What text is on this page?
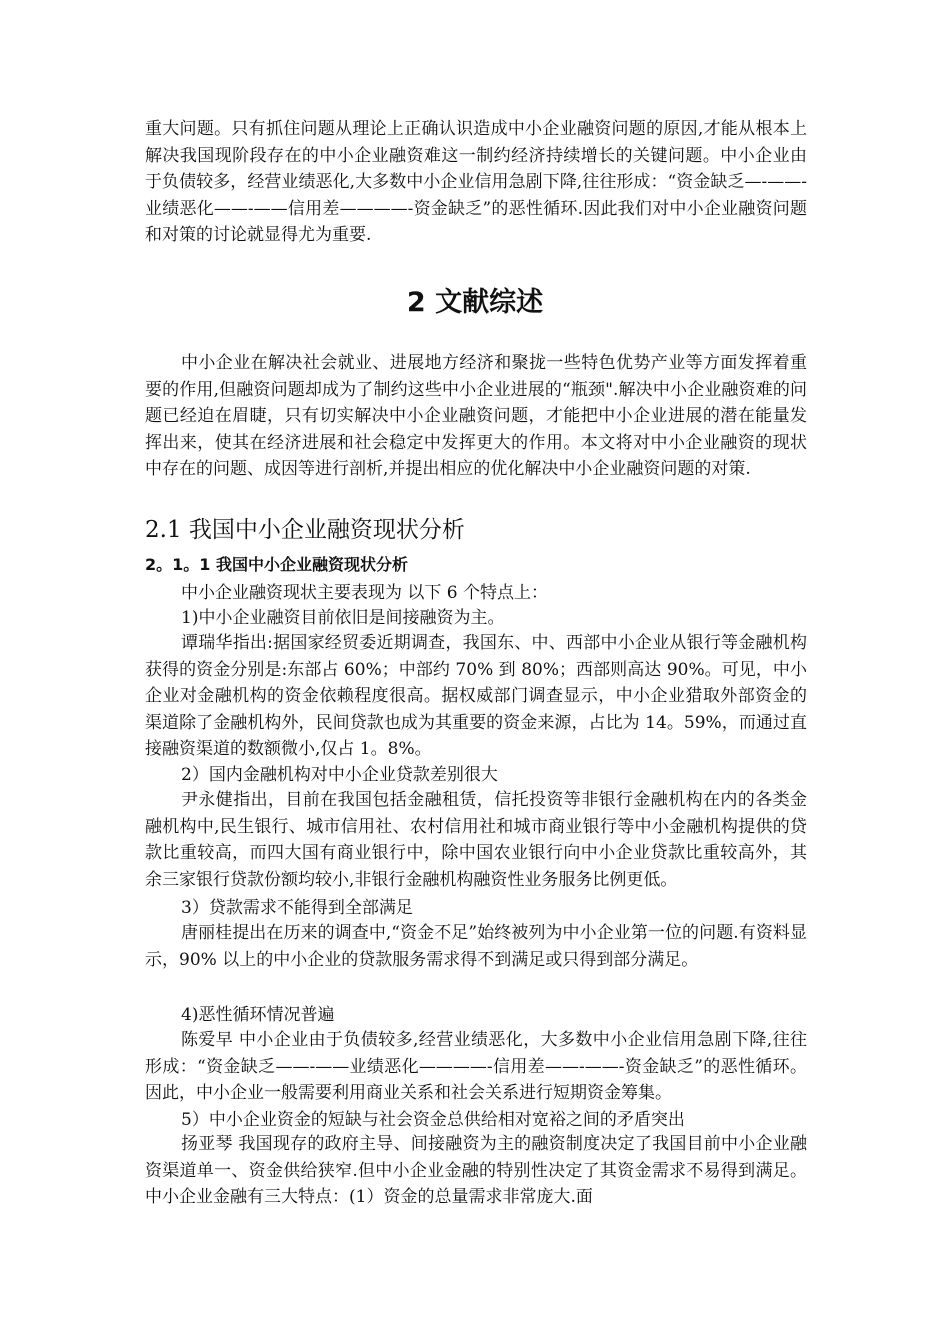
重大问题。只有抓住问题从理论上正确认识造成中小企业融资问题的原因,才能从根本上解决我国现阶段存在的中小企业融资难这一制约经济持续增长的关键问题。中小企业由于负债较多，经营业绩恶化,大多数中小企业信用急剧下降,往往形成：“资金缺乏—-——-业绩恶化——-——信用差————-资金缺乏”的恶性循环.因此我们对中小企业融资问题和对策的讨论就显得尤为重要.

2 文献综述

中小企业在解决社会就业、进展地方经济和聚拢一些特色优势产业等方面发挥着重要的作用,但融资问题却成为了制约这些中小企业进展的“瓶颈".解决中小企业融资难的问题已经迫在眉睫，只有切实解决中小企业融资问题，才能把中小企业进展的潜在能量发挥出来，使其在经济进展和社会稳定中发挥更大的作用。本文将对中小企业融资的现状中存在的问题、成因等进行剖析,并提出相应的优化解决中小企业融资问题的对策.

2.1 我国中小企业融资现状分析
2。1。1 我国中小企业融资现状分析

中小企业融资现状主要表现为 以下 6 个特点上：

1)中小企业融资目前依旧是间接融资为主。

谭瑞华指出:据国家经贸委近期调查，我国东、中、西部中小企业从银行等金融机构获得的资金分别是:东部占 60%；中部约 70% 到 80%；西部则高达 90%。可见，中小企业对金融机构的资金依赖程度很高。据权威部门调查显示，中小企业猎取外部资金的渠道除了金融机构外，民间贷款也成为其重要的资金来源，占比为 14。59%，而通过直接融资渠道的数额微小,仅占 1。8%。

2）国内金融机构对中小企业贷款差别很大

尹永健指出，目前在我国包括金融租赁，信托投资等非银行金融机构在内的各类金融机构中,民生银行、城市信用社、农村信用社和城市商业银行等中小金融机构提供的贷款比重较高，而四大国有商业银行中，除中国农业银行向中小企业贷款比重较高外，其余三家银行贷款份额均较小,非银行金融机构融资性业务服务比例更低。

3）贷款需求不能得到全部满足

唐丽桂提出在历来的调查中,“资金不足”始终被列为中小企业第一位的问题.有资料显示，90% 以上的中小企业的贷款服务需求得不到满足或只得到部分满足。

4)恶性循环情况普遍

陈爱早 中小企业由于负债较多,经营业绩恶化，大多数中小企业信用急剧下降,往往形成：“资金缺乏——-——业绩恶化————-信用差——-——-资金缺乏”的恶性循环。因此，中小企业一般需要利用商业关系和社会关系进行短期资金筹集。

5）中小企业资金的短缺与社会资金总供给相对宽裕之间的矛盾突出

扬亚琴 我国现存的政府主导、间接融资为主的融资制度决定了我国目前中小企业融资渠道单一、资金供给狭窄.但中小企业金融的特别性决定了其资金需求不易得到满足。中小企业金融有三大特点：(1）资金的总量需求非常庞大.面
